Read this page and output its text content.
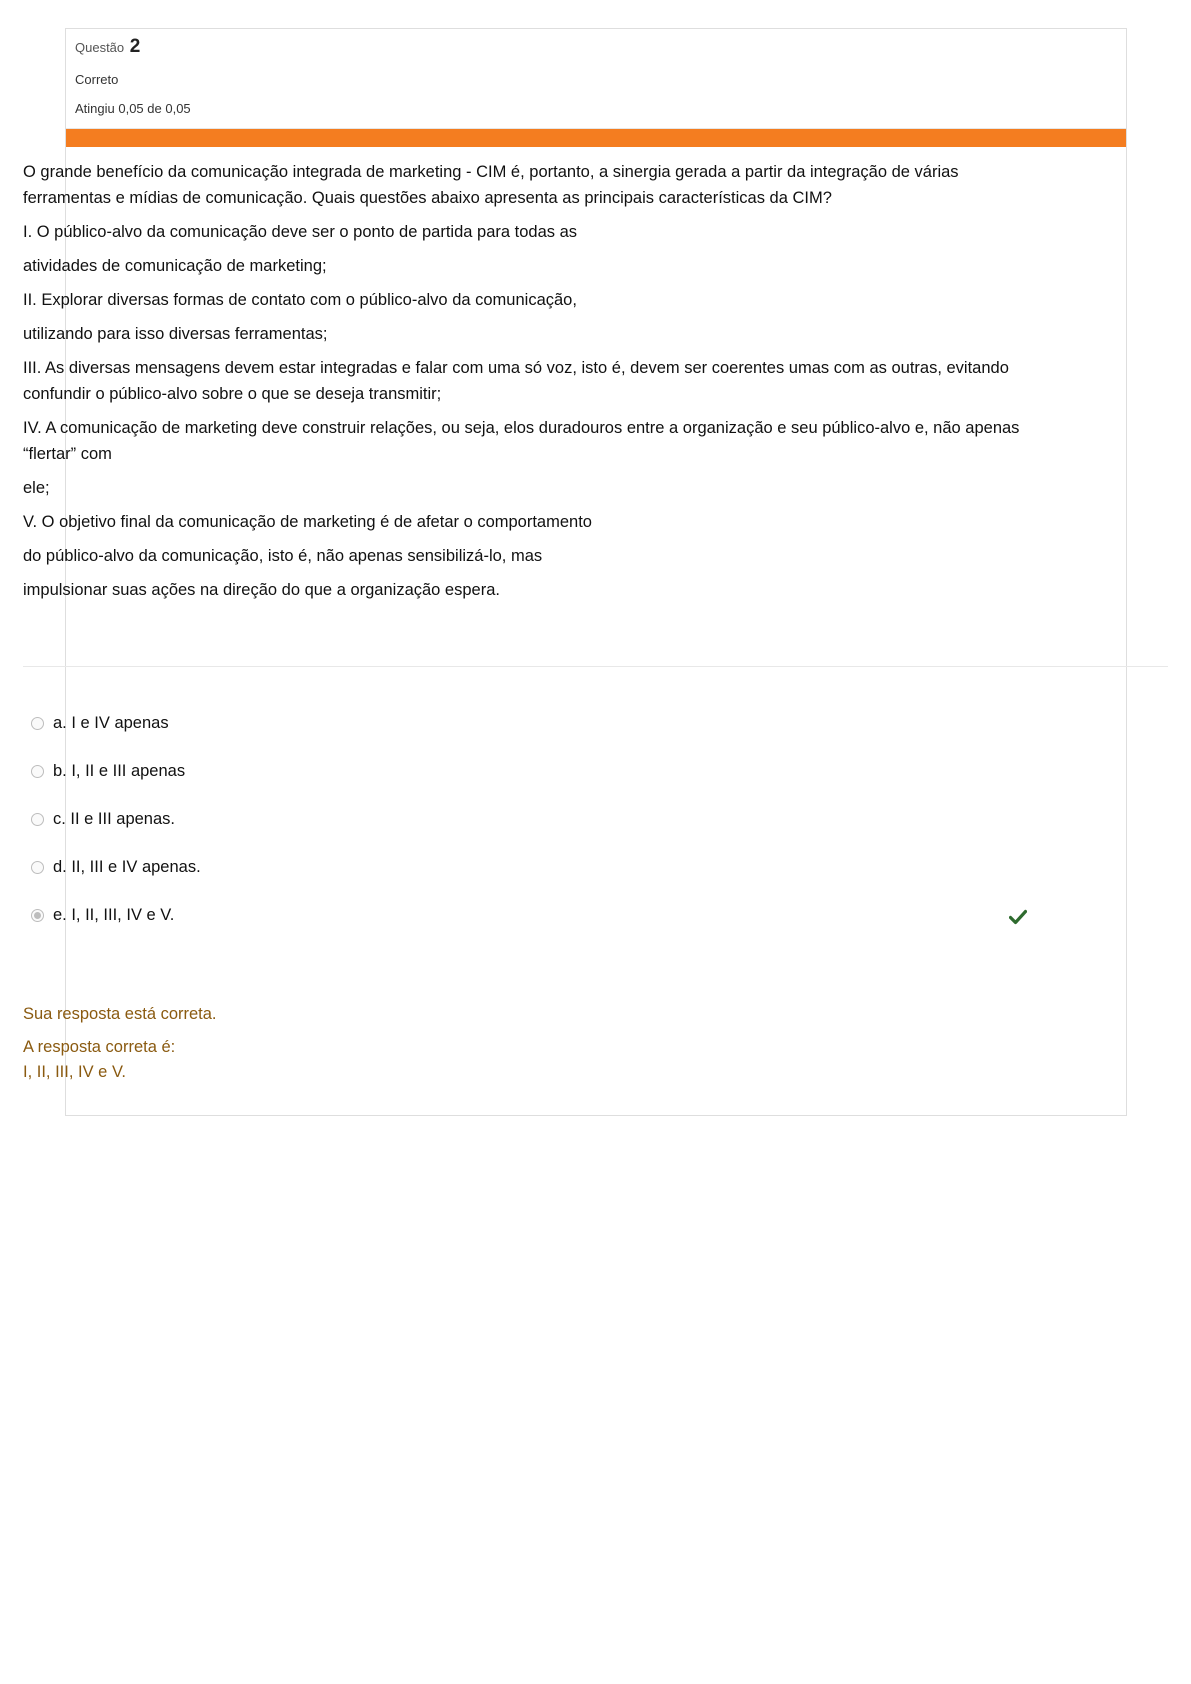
Questão 2
Correto
Atingiu 0,05 de 0,05

O grande benefício da comunicação integrada de marketing - CIM é, portanto, a sinergia gerada a partir da integração de várias ferramentas e mídias de comunicação. Quais questões abaixo apresenta as principais características da CIM?

I. O público-alvo da comunicação deve ser o ponto de partida para todas as

atividades de comunicação de marketing;

II. Explorar diversas formas de contato com o público-alvo da comunicação,

utilizando para isso diversas ferramentas;

III. As diversas mensagens devem estar integradas e falar com uma só voz, isto é, devem ser coerentes umas com as outras, evitando confundir o público-alvo sobre o que se deseja transmitir;

IV. A comunicação de marketing deve construir relações, ou seja, elos duradouros entre a organização e seu público-alvo e, não apenas “flertar” com

ele;

V. O objetivo final da comunicação de marketing é de afetar o comportamento

do público-alvo da comunicação, isto é, não apenas sensibilizá-lo, mas

impulsionar suas ações na direção do que a organização espera.

a. I e IV apenas
b. I, II e III apenas
c. II e III apenas.
d. II, III e IV apenas.
e. I, II, III, IV e V.
Sua resposta está correta.
A resposta correta é:
I, II, III, IV e V.
